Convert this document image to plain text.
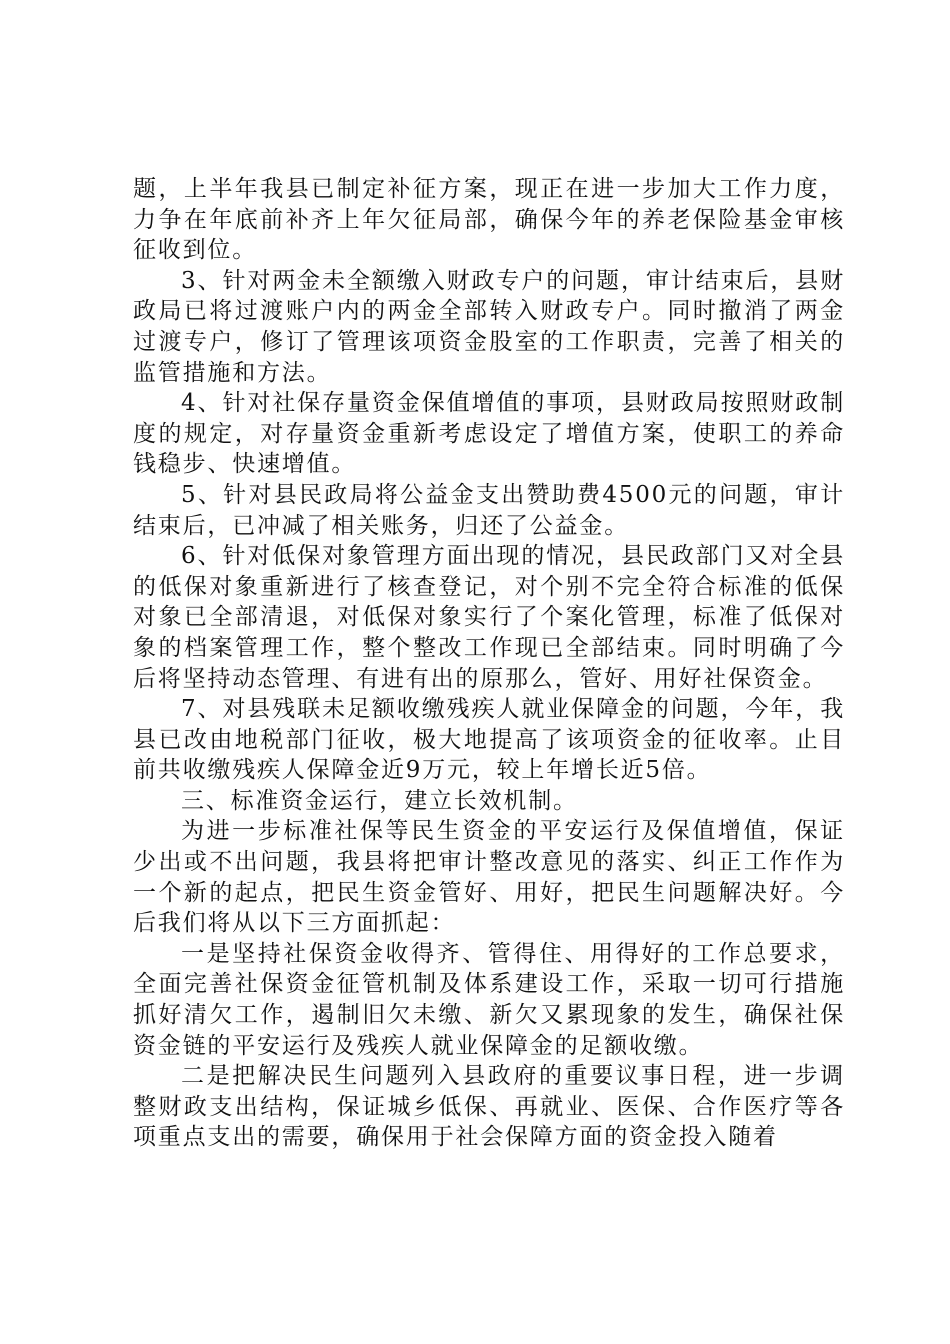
题，上半年我县已制定补征方案，现正在进一步加大工作力度，力争在年底前补齐上年欠征局部，确保今年的养老保险基金审核征收到位。

3、针对两金未全额缴入财政专户的问题，审计结束后，县财政局已将过渡账户内的两金全部转入财政专户。同时撤消了两金过渡专户，修订了管理该项资金股室的工作职责，完善了相关的监管措施和方法。

4、针对社保存量资金保值增值的事项，县财政局按照财政制度的规定，对存量资金重新考虑设定了增值方案，使职工的养命钱稳步、快速增值。

5、针对县民政局将公益金支出赞助费4500元的问题，审计结束后，已冲减了相关账务，归还了公益金。

6、针对低保对象管理方面出现的情况，县民政部门又对全县的低保对象重新进行了核查登记，对个别不完全符合标准的低保对象已全部清退，对低保对象实行了个案化管理，标准了低保对象的档案管理工作，整个整改工作现已全部结束。同时明确了今后将坚持动态管理、有进有出的原那么，管好、用好社保资金。

7、对县残联未足额收缴残疾人就业保障金的问题，今年，我县已改由地税部门征收，极大地提高了该项资金的征收率。止目前共收缴残疾人保障金近9万元，较上年增长近5倍。

三、标准资金运行，建立长效机制。

为进一步标准社保等民生资金的平安运行及保值增值，保证少出或不出问题，我县将把审计整改意见的落实、纠正工作作为一个新的起点，把民生资金管好、用好，把民生问题解决好。今后我们将从以下三方面抓起：

一是坚持社保资金收得齐、管得住、用得好的工作总要求，全面完善社保资金征管机制及体系建设工作，采取一切可行措施抓好清欠工作，遏制旧欠未缴、新欠又累现象的发生，确保社保资金链的平安运行及残疾人就业保障金的足额收缴。

二是把解决民生问题列入县政府的重要议事日程，进一步调整财政支出结构，保证城乡低保、再就业、医保、合作医疗等各项重点支出的需要，确保用于社会保障方面的资金投入随着
